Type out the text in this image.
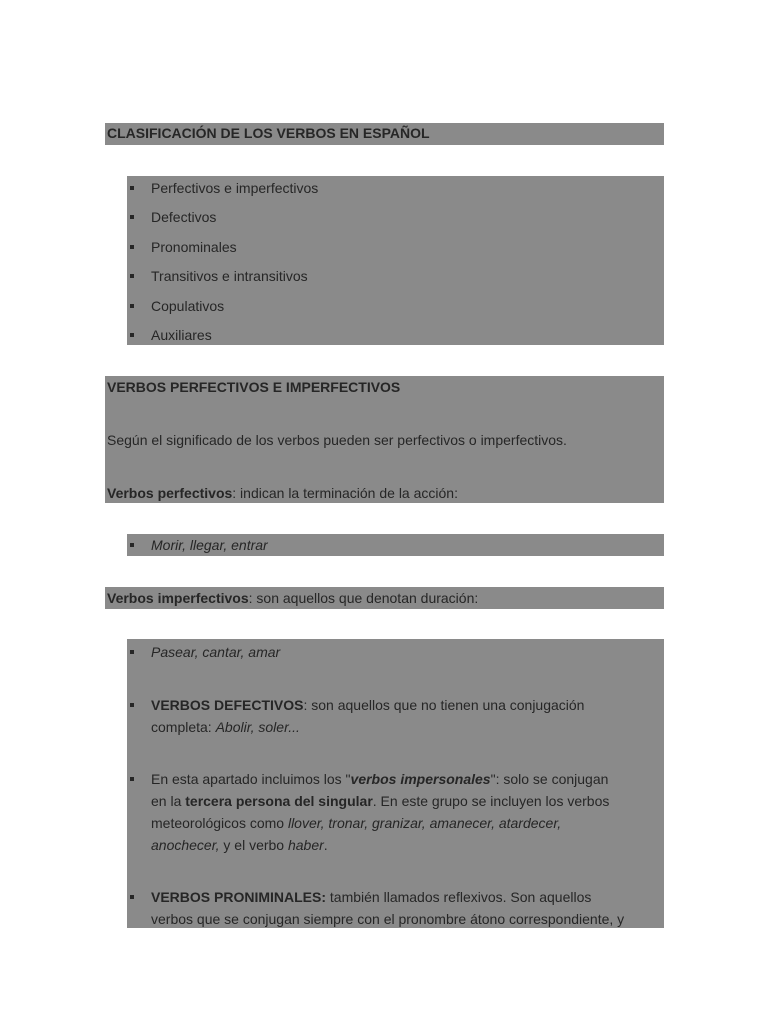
CLASIFICACIÓN DE LOS VERBOS EN ESPAÑOL
Perfectivos e imperfectivos
Defectivos
Pronominales
Transitivos e intransitivos
Copulativos
Auxiliares
VERBOS PERFECTIVOS E IMPERFECTIVOS
Según el significado de los verbos pueden ser perfectivos o imperfectivos.
Verbos perfectivos: indican la terminación de la acción:
Morir, llegar, entrar
Verbos imperfectivos: son aquellos que denotan duración:
Pasear, cantar, amar
VERBOS DEFECTIVOS: son aquellos que no tienen una conjugación
completa: Abolir, soler...
En esta apartado incluimos los "verbos impersonales": solo se conjugan
en la tercera persona del singular. En este grupo se incluyen los verbos
meteorológicos como llover, tronar, granizar, amanecer, atardecer,
anochecer, y el verbo haber.
VERBOS PRONIMINALES: también llamados reflexivos. Son aquellos
verbos que se conjugan siempre con el pronombre átono correspondiente, y
